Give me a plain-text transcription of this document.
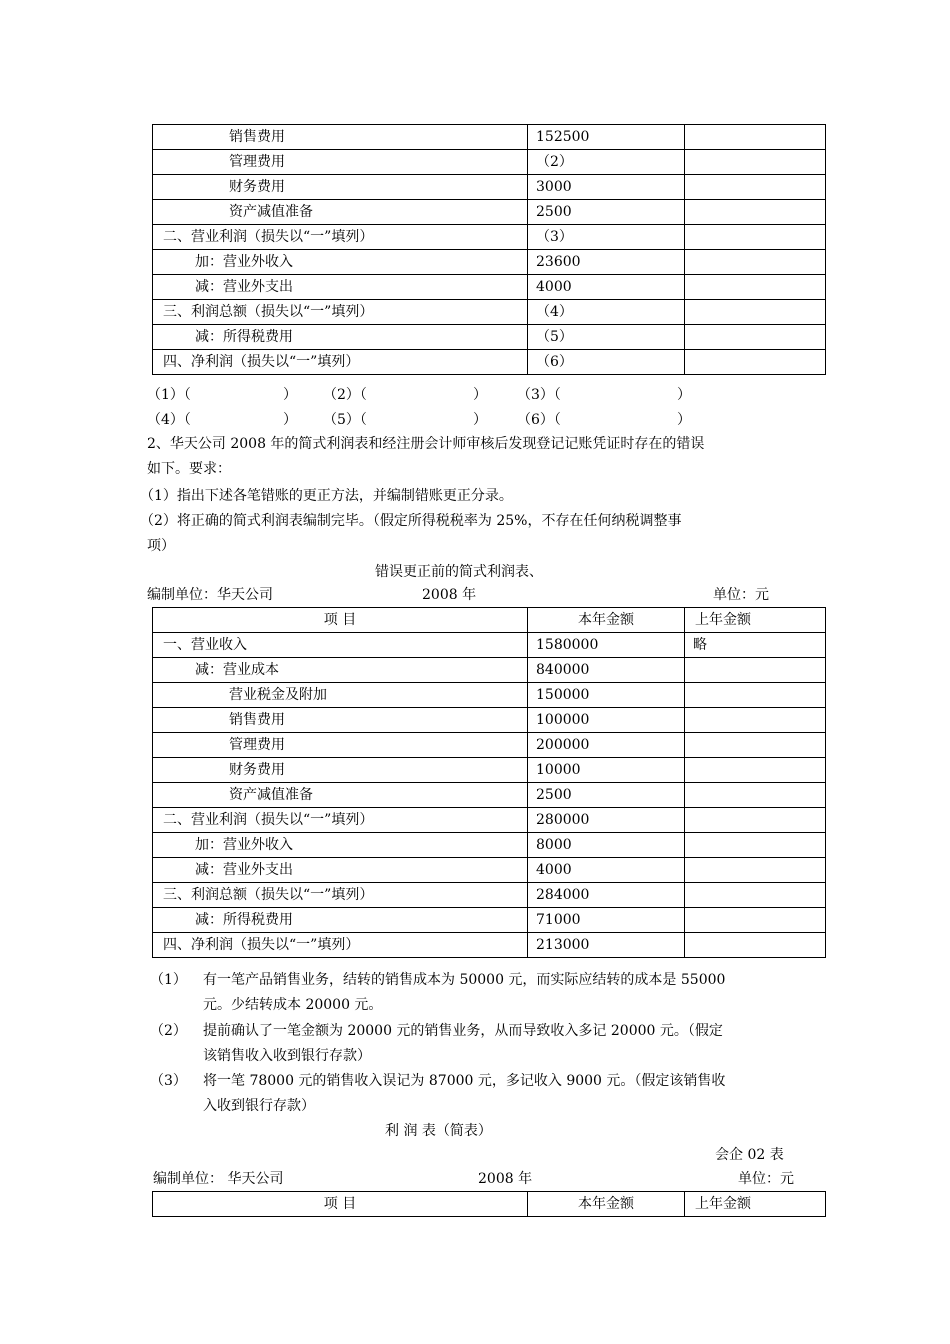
销售费用	152500	
管理费用	（2）	
财务费用	3000	
资产减值准备	2500	
二、营业利润（损失以“一”填列）	（3）	
加：营业外收入	23600	
减：营业外支出	4000	
三、利润总额（损失以“一”填列）	（4）	
减：所得税费用	（5）	
四、净利润（损失以“一”填列）	（6）	
（1）（	） （2）（	） （3）（	）
（4）（	） （5）（	） （6）（	）
2、华天公司 2008 年的简式利润表和经注册会计师审核后发现登记记账凭证时存在的错误
如下。要求：
（1）指出下述各笔错账的更正方法，并编制错账更正分录。
（2）将正确的简式利润表编制完毕。（假定所得税税率为 25%，不存在任何纳税调整事
项）
错误更正前的简式利润表、
编制单位：华天公司	2008 年	单位：元
项 目	本年金额	上年金额
一、营业收入	1580000	略
减：营业成本	840000	
营业税金及附加	150000	
销售费用	100000	
管理费用	200000	
财务费用	10000	
资产减值准备	2500	
二、营业利润（损失以“一”填列）	280000	
加：营业外收入	8000	
减：营业外支出	4000	
三、利润总额（损失以“一”填列）	284000	
减：所得税费用	71000	
四、净利润（损失以“一”填列）	213000	
（1） 有一笔产品销售业务，结转的销售成本为 50000 元，而实际应结转的成本是 55000
元。少结转成本 20000 元。
（2） 提前确认了一笔金额为 20000 元的销售业务，从而导致收入多记 20000 元。（假定
该销售收入收到银行存款）
（3） 将一笔 78000 元的销售收入误记为 87000 元，多记收入 9000 元。（假定该销售收
入收到银行存款）
利 润 表（简表）
会企 02 表
编制单位： 华天公司	2008 年	单位：元
项 目	本年金额	上年金额
